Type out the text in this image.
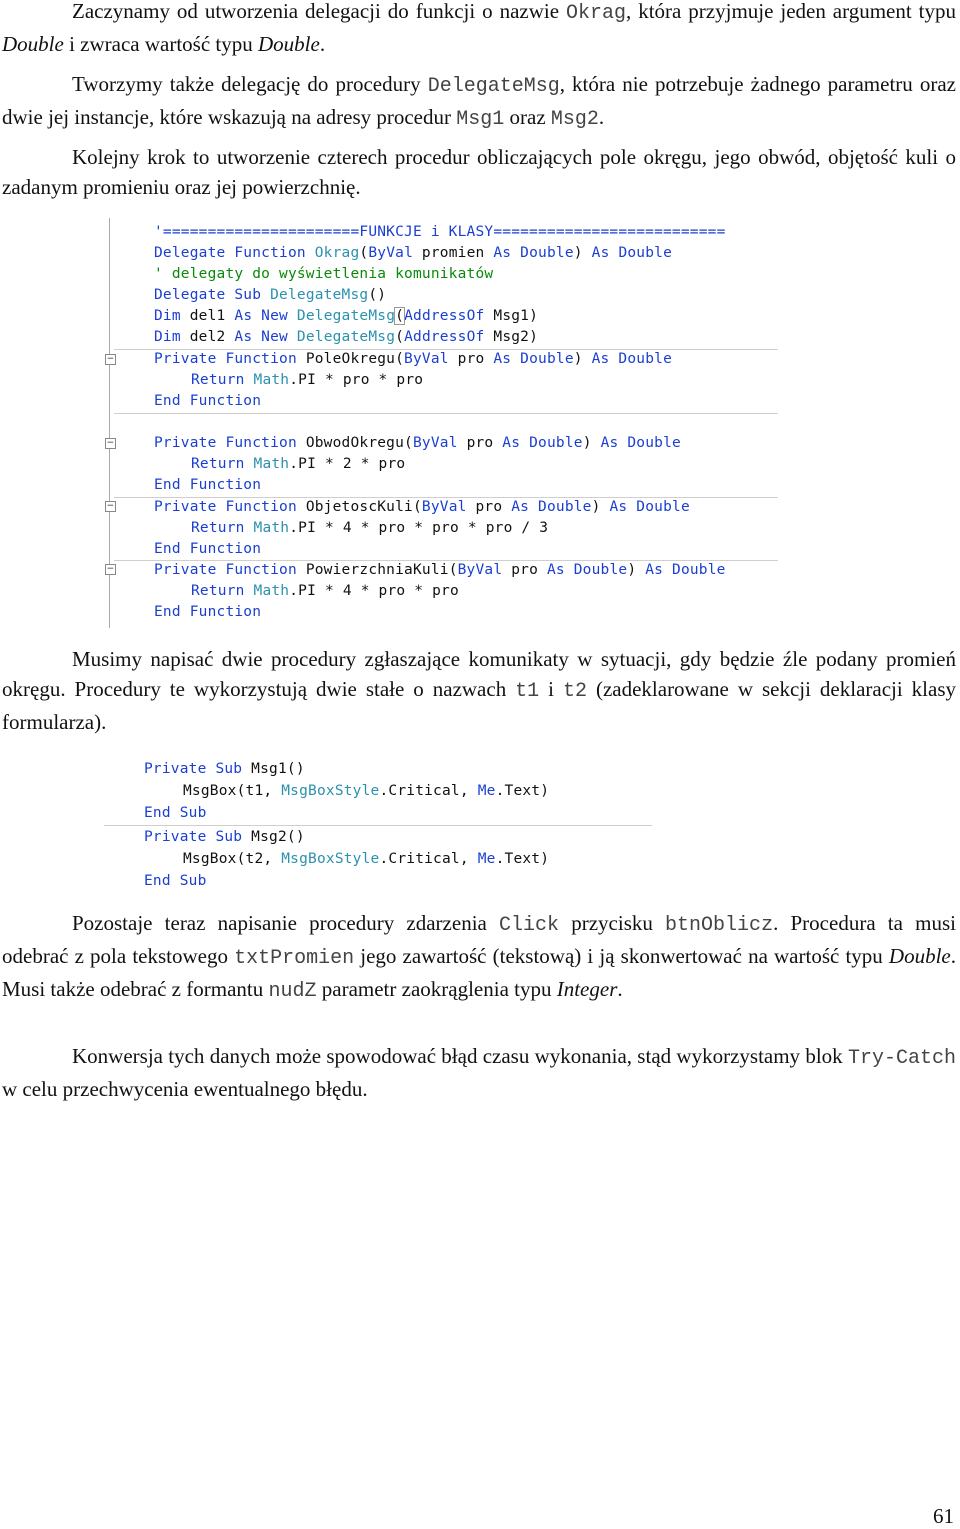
Zaczynamy od utworzenia delegacji do funkcji o nazwie Okrag, która przyjmuje jeden argument typu Double i zwraca wartość typu Double.

Tworzymy także delegację do procedury DelegateMsg, która nie potrzebuje żadnego parametru oraz dwie jej instancje, które wskazują na adresy procedur Msg1 oraz Msg2.

Kolejny krok to utworzenie czterech procedur obliczających pole okręgu, jego obwód, objętość kuli o zadanym promieniu oraz jej powierzchnię.

−
−
−
−
'======================FUNKCJE i KLASY==========================
Delegate Function Okrag(ByVal promien As Double) As Double
' delegaty do wyświetlenia komunikatów
Delegate Sub DelegateMsg()
Dim del1 As New DelegateMsg(AddressOf Msg1)
Dim del2 As New DelegateMsg(AddressOf Msg2)
Private Function PoleOkregu(ByVal pro As Double) As Double
Return Math.PI * pro * pro
End Function
Private Function ObwodOkregu(ByVal pro As Double) As Double
Return Math.PI * 2 * pro
End Function
Private Function ObjetoscKuli(ByVal pro As Double) As Double
Return Math.PI * 4 * pro * pro * pro / 3
End Function
Private Function PowierzchniaKuli(ByVal pro As Double) As Double
Return Math.PI * 4 * pro * pro
End Function

Musimy napisać dwie procedury zgłaszające komunikaty w sytuacji, gdy będzie źle podany promień okręgu. Procedury te wykorzystują dwie stałe o nazwach t1 i t2 (zadeklarowane w sekcji deklaracji klasy formularza).

Private Sub Msg1()
MsgBox(t1, MsgBoxStyle.Critical, Me.Text)
End Sub
Private Sub Msg2()
MsgBox(t2, MsgBoxStyle.Critical, Me.Text)
End Sub

Pozostaje teraz napisanie procedury zdarzenia Click przycisku btnOblicz. Procedura ta musi odebrać z pola tekstowego txtPromien jego zawartość (tekstową) i ją skonwertować na wartość typu Double. Musi także odebrać z formantu nudZ parametr zaokrąglenia typu Integer.

Konwersja tych danych może spowodować błąd czasu wykonania, stąd wykorzystamy blok Try-Catch w celu przechwycenia ewentualnego błędu.

61
